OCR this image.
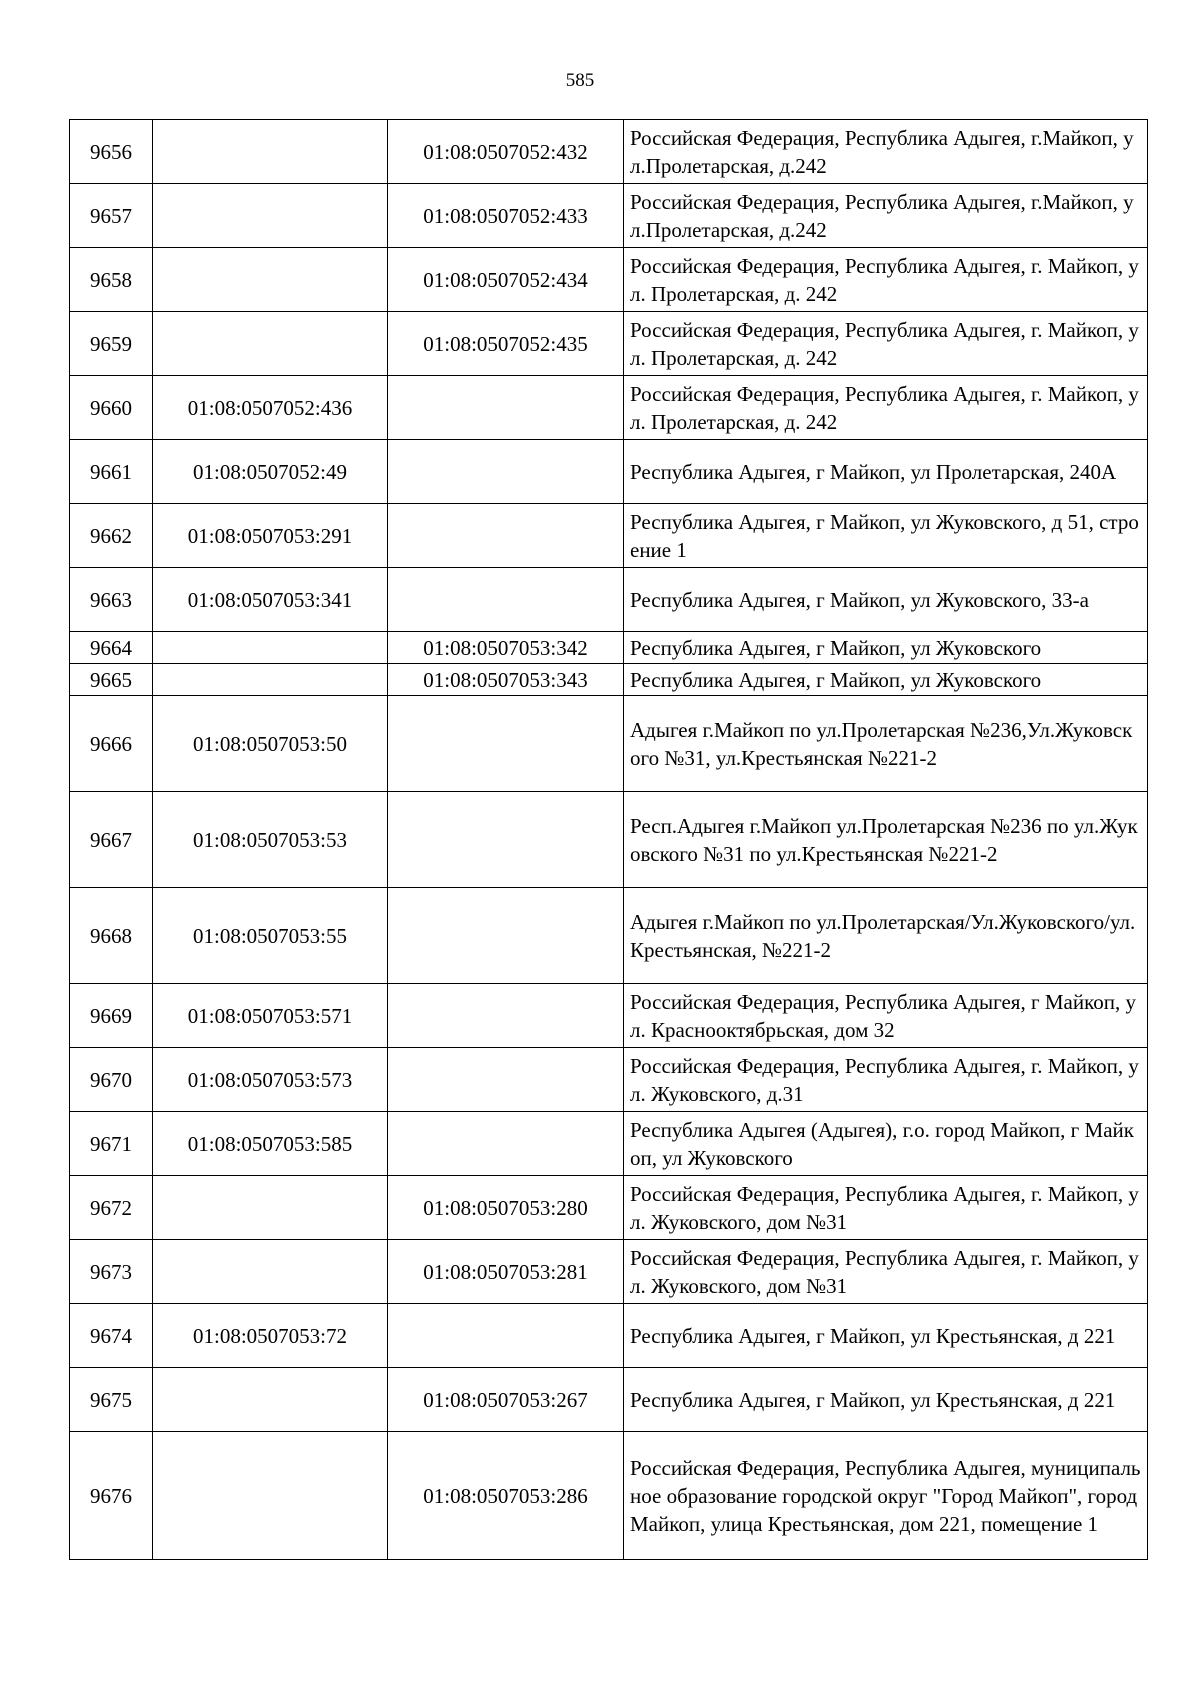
585
9656		01:08:0507052:432	Российская Федерация, Республика Адыгея, г.Майкоп, ул.Пролетарская, д.242
9657		01:08:0507052:433	Российская Федерация, Республика Адыгея, г.Майкоп, ул.Пролетарская, д.242
9658		01:08:0507052:434	Российская Федерация, Республика Адыгея, г. Майкоп, ул. Пролетарская, д. 242
9659		01:08:0507052:435	Российская Федерация, Республика Адыгея, г. Майкоп, ул. Пролетарская, д. 242
9660	01:08:0507052:436		Российская Федерация, Республика Адыгея, г. Майкоп, ул. Пролетарская, д. 242
9661	01:08:0507052:49		Республика Адыгея, г Майкоп, ул Пролетарская, 240А
9662	01:08:0507053:291		Республика Адыгея, г Майкоп, ул Жуковского, д 51, строение 1
9663	01:08:0507053:341		Республика Адыгея, г Майкоп, ул Жуковского, 33-а
9664		01:08:0507053:342	Республика Адыгея, г Майкоп, ул Жуковского
9665		01:08:0507053:343	Республика Адыгея, г Майкоп, ул Жуковского
9666	01:08:0507053:50		Адыгея г.Майкоп по ул.Пролетарская №236,Ул.Жуковского №31, ул.Крестьянская №221-2
9667	01:08:0507053:53		Респ.Адыгея г.Майкоп ул.Пролетарская №236 по ул.Жуковского №31 по ул.Крестьянская №221-2
9668	01:08:0507053:55		Адыгея г.Майкоп по ул.Пролетарская/Ул.Жуковского/ул.Крестьянская, №221-2
9669	01:08:0507053:571		Российская Федерация, Республика Адыгея, г Майкоп, ул. Краснооктябрьская, дом 32
9670	01:08:0507053:573		Российская Федерация, Республика Адыгея, г. Майкоп, ул. Жуковского, д.31
9671	01:08:0507053:585		Республика Адыгея (Адыгея), г.о. город Майкоп, г Майкоп, ул Жуковского
9672		01:08:0507053:280	Российская Федерация, Республика Адыгея, г. Майкоп, ул. Жуковского, дом №31
9673		01:08:0507053:281	Российская Федерация, Республика Адыгея, г. Майкоп, ул. Жуковского, дом №31
9674	01:08:0507053:72		Республика Адыгея, г Майкоп, ул Крестьянская, д 221
9675		01:08:0507053:267	Республика Адыгея, г Майкоп, ул Крестьянская, д 221
9676		01:08:0507053:286	Российская Федерация, Республика Адыгея, муниципальное образование городской округ "Город Майкоп", город Майкоп, улица Крестьянская, дом 221, помещение 1
